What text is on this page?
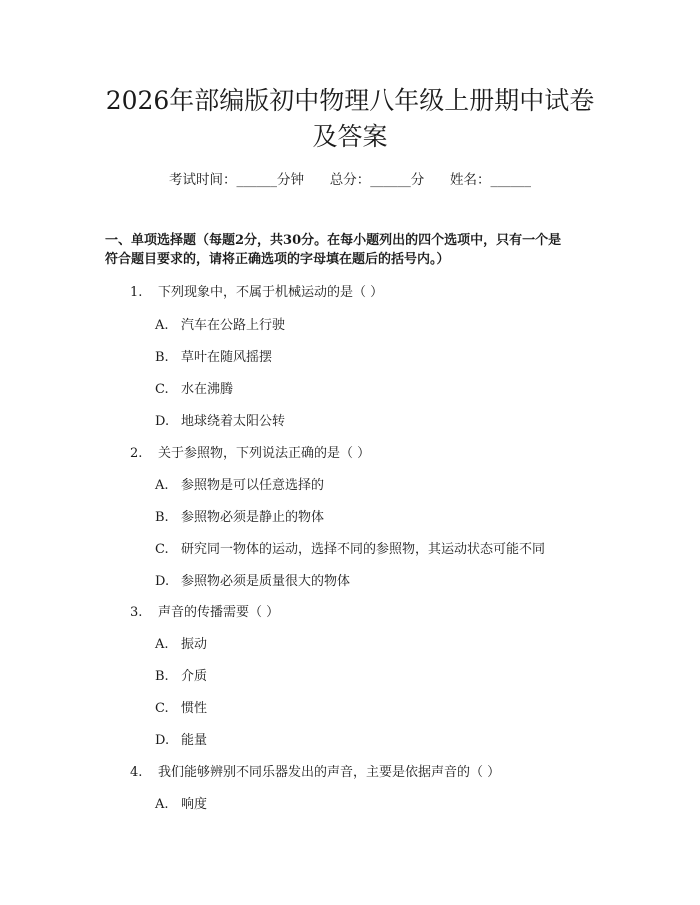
2026年部编版初中物理八年级上册期中试卷
及答案
考试时间：______分钟      总分：______分      姓名：______

一、单项选择题（每题2分，共30分。在每小题列出的四个选项中，只有一个是

符合题目要求的，请将正确选项的字母填在题后的括号内。）

1. 下列现象中，不属于机械运动的是（ ）

A. 汽车在公路上行驶

B. 草叶在随风摇摆

C. 水在沸腾

D. 地球绕着太阳公转

2. 关于参照物，下列说法正确的是（ ）

A. 参照物是可以任意选择的

B. 参照物必须是静止的物体

C. 研究同一物体的运动，选择不同的参照物，其运动状态可能不同

D. 参照物必须是质量很大的物体

3. 声音的传播需要（ ）

A. 振动

B. 介质

C. 惯性

D. 能量

4. 我们能够辨别不同乐器发出的声音，主要是依据声音的（ ）

A. 响度
